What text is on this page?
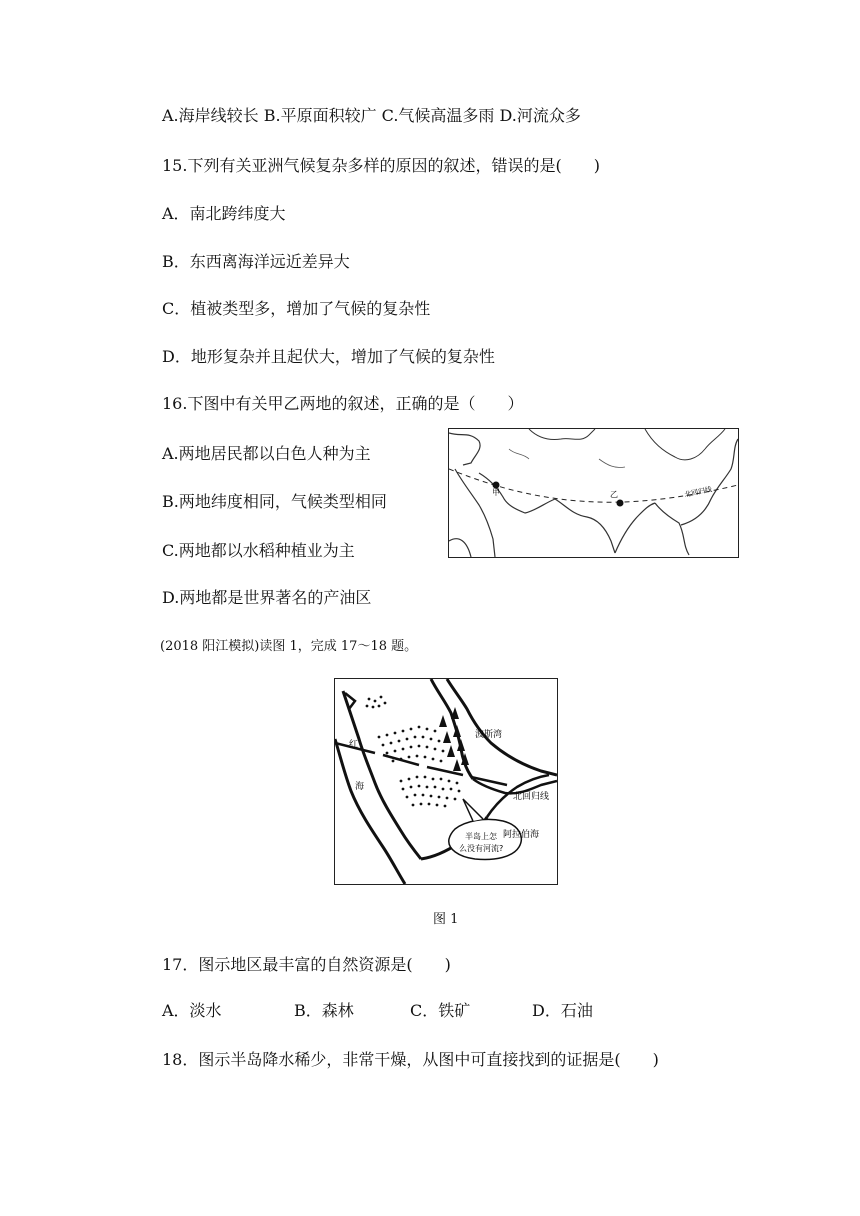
A.海岸线较长 B.平原面积较广 C.气候高温多雨 D.河流众多
15.下列有关亚洲气候复杂多样的原因的叙述，错误的是(　　)
A．南北跨纬度大
B．东西离海洋远近差异大
C．植被类型多，增加了气候的复杂性
D．地形复杂并且起伏大，增加了气候的复杂性
16.下图中有关甲乙两地的叙述，正确的是（　　）
A.两地居民都以白色人种为主
B.两地纬度相同，气候类型相同
C.两地都以水稻种植业为主
D.两地都是世界著名的产油区
甲	乙	北回归线
(2018 阳江模拟)读图 1，完成 17～18 题。
波斯湾
红
海
北回归线
阿拉伯海
半岛上怎
么没有河流?
图 1
17．图示地区最丰富的自然资源是(　　)
A．淡水	B．森林	C．铁矿	D．石油
18．图示半岛降水稀少，非常干燥，从图中可直接找到的证据是(　　)
